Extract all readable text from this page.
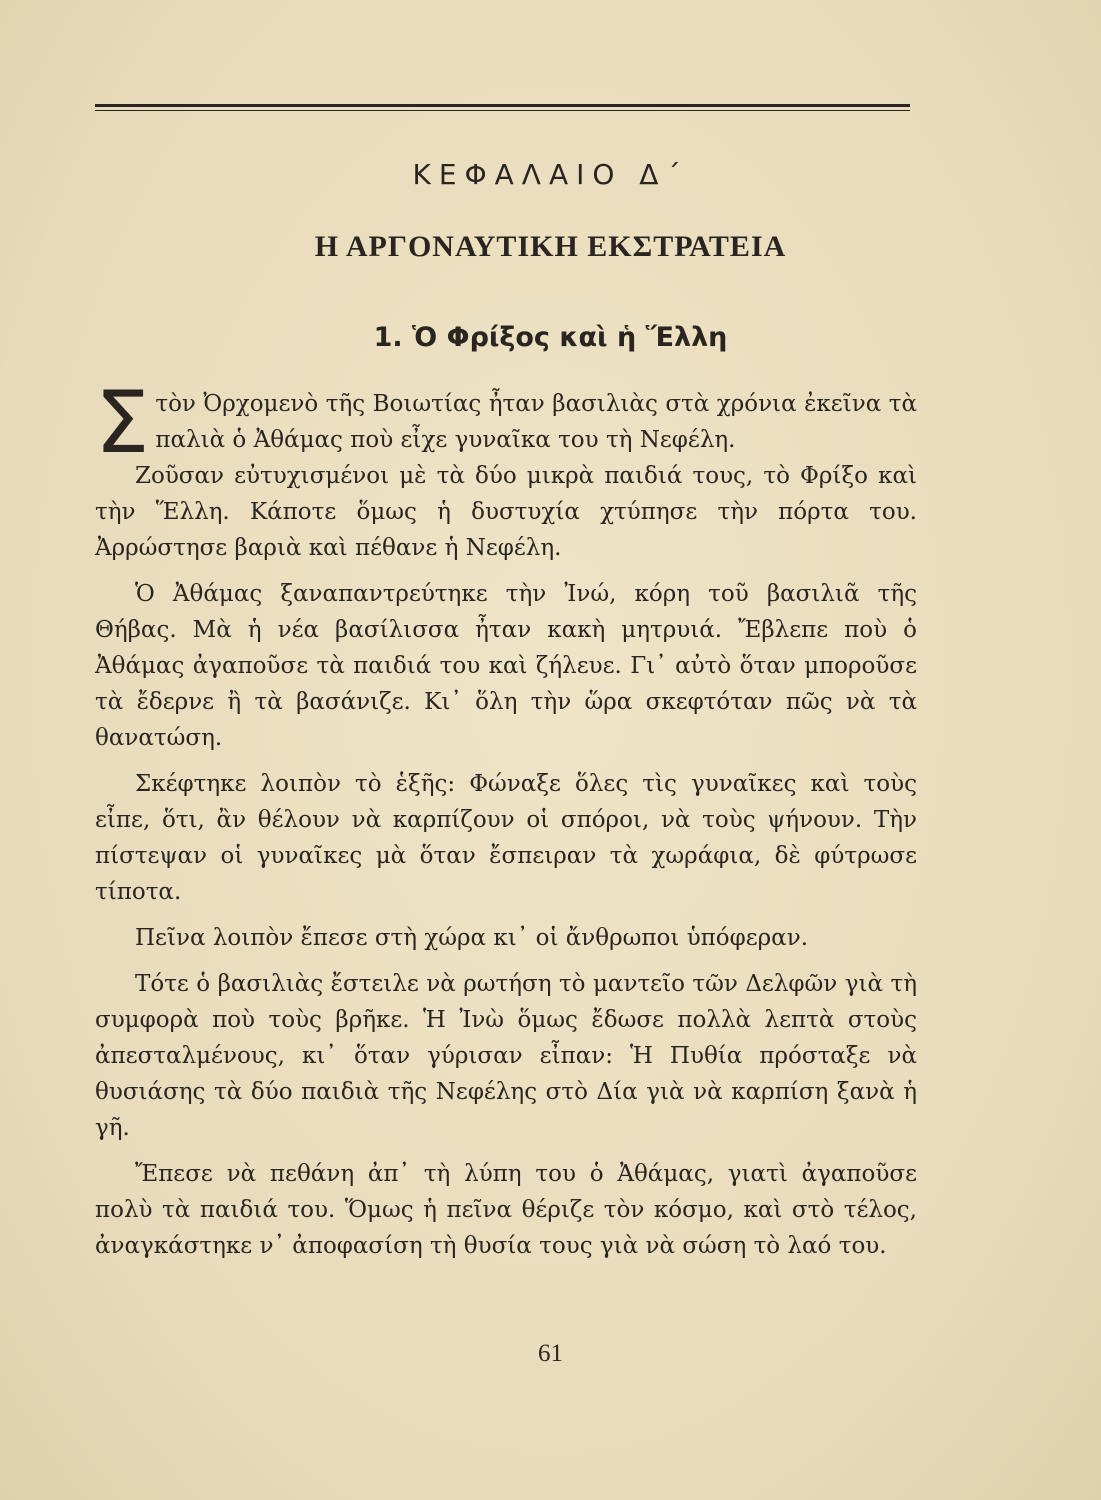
ΚΕΦΑΛΑΙΟ Δ΄
Η ΑΡΓΟΝΑΥΤΙΚΗ ΕΚΣΤΡΑΤΕΙΑ
1. Ὁ Φρίξος καὶ ἡ Ἕλλη

Σ τὸν Ὀρχομενὸ τῆς Βοιωτίας ἦταν βασιλιὰς στὰ χρόνια ἐκεῖνα τὰ παλιὰ ὁ Ἀθάμας ποὺ εἶχε γυναῖκα του τὴ Νεφέλη.

Ζοῦσαν εὐτυχισμένοι μὲ τὰ δύο μικρὰ παιδιά τους, τὸ Φρίξο καὶ τὴν Ἕλλη. Κάποτε ὅμως ἡ δυστυχία χτύπησε τὴν πόρτα του. Ἀρρώστησε βαριὰ καὶ πέθανε ἡ Νεφέλη.

Ὁ Ἀθάμας ξαναπαντρεύτηκε τὴν Ἰνώ, κόρη τοῦ βασιλιᾶ τῆς Θήβας. Μὰ ἡ νέα βασίλισσα ἦταν κακὴ μητρυιά. Ἔβλεπε ποὺ ὁ Ἀθάμας ἀγαποῦσε τὰ παιδιά του καὶ ζήλευε. Γι᾽ αὐτὸ ὅταν μποροῦσε τὰ ἔδερνε ἢ τὰ βασάνιζε. Κι᾽ ὅλη τὴν ὥρα σκεφτόταν πῶς νὰ τὰ θανατώση.

Σκέφτηκε λοιπὸν τὸ ἑξῆς: Φώναξε ὅλες τὶς γυναῖκες καὶ τοὺς εἶπε, ὅτι, ἂν θέλουν νὰ καρπίζουν οἱ σπόροι, νὰ τοὺς ψήνουν. Τὴν πίστεψαν οἱ γυναῖκες μὰ ὅταν ἔσπειραν τὰ χωράφια, δὲ φύτρωσε τίποτα.

Πεῖνα λοιπὸν ἔπεσε στὴ χώρα κι᾽ οἱ ἄνθρωποι ὑπόφεραν.

Τότε ὁ βασιλιὰς ἔστειλε νὰ ρωτήση τὸ μαντεῖο τῶν Δελφῶν γιὰ τὴ συμφορὰ ποὺ τοὺς βρῆκε. Ἡ Ἰνὼ ὅμως ἔδωσε πολλὰ λεπτὰ στοὺς ἀπεσταλμένους, κι᾽ ὅταν γύρισαν εἶπαν: Ἡ Πυθία πρόσταξε νὰ θυσιάσης τὰ δύο παιδιὰ τῆς Νεφέλης στὸ Δία γιὰ νὰ καρπίση ξανὰ ἡ γῆ.

Ἔπεσε νὰ πεθάνη ἀπ᾽ τὴ λύπη του ὁ Ἀθάμας, γιατὶ ἀγαποῦσε πολὺ τὰ παιδιά του. Ὅμως ἡ πεῖνα θέριζε τὸν κόσμο, καὶ στὸ τέλος, ἀναγκάστηκε ν᾽ ἀποφασίση τὴ θυσία τους γιὰ νὰ σώση τὸ λαό του.

61
